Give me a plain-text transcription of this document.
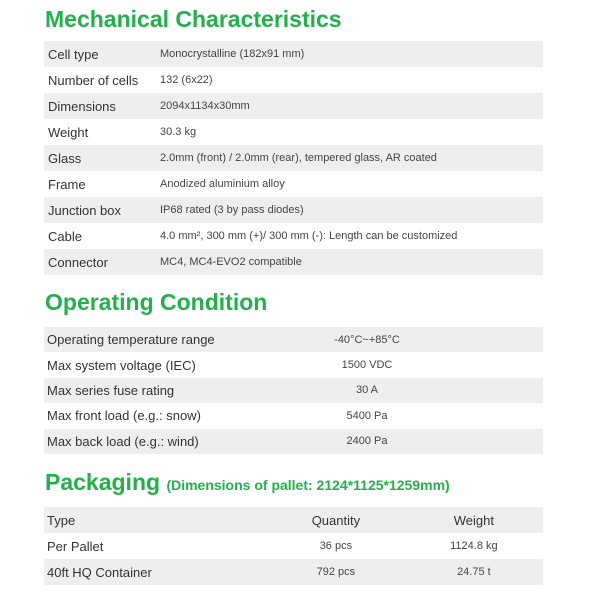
Mechanical Characteristics
Cell type	Monocrystalline (182x91 mm)
Number of cells	132 (6x22)
Dimensions	2094x1134x30mm
Weight	30.3 kg
Glass	2.0mm (front) / 2.0mm (rear), tempered glass, AR coated
Frame	Anodized aluminium alloy
Junction box	IP68 rated (3 by pass diodes)
Cable	4.0 mm², 300 mm (+)/ 300 mm (-): Length can be customized
Connector	MC4, MC4-EVO2 compatible
Operating Condition
Operating temperature range	-40°C~+85°C
Max system voltage (IEC)	1500 VDC
Max series fuse rating	30 A
Max front load (e.g.: snow)	5400 Pa
Max back load (e.g.: wind)	2400 Pa
Packaging (Dimensions of pallet: 2124*1125*1259mm)
Type	Quantity	Weight
Per Pallet	36 pcs	1124.8 kg
40ft HQ Container	792 pcs	24.75 t
